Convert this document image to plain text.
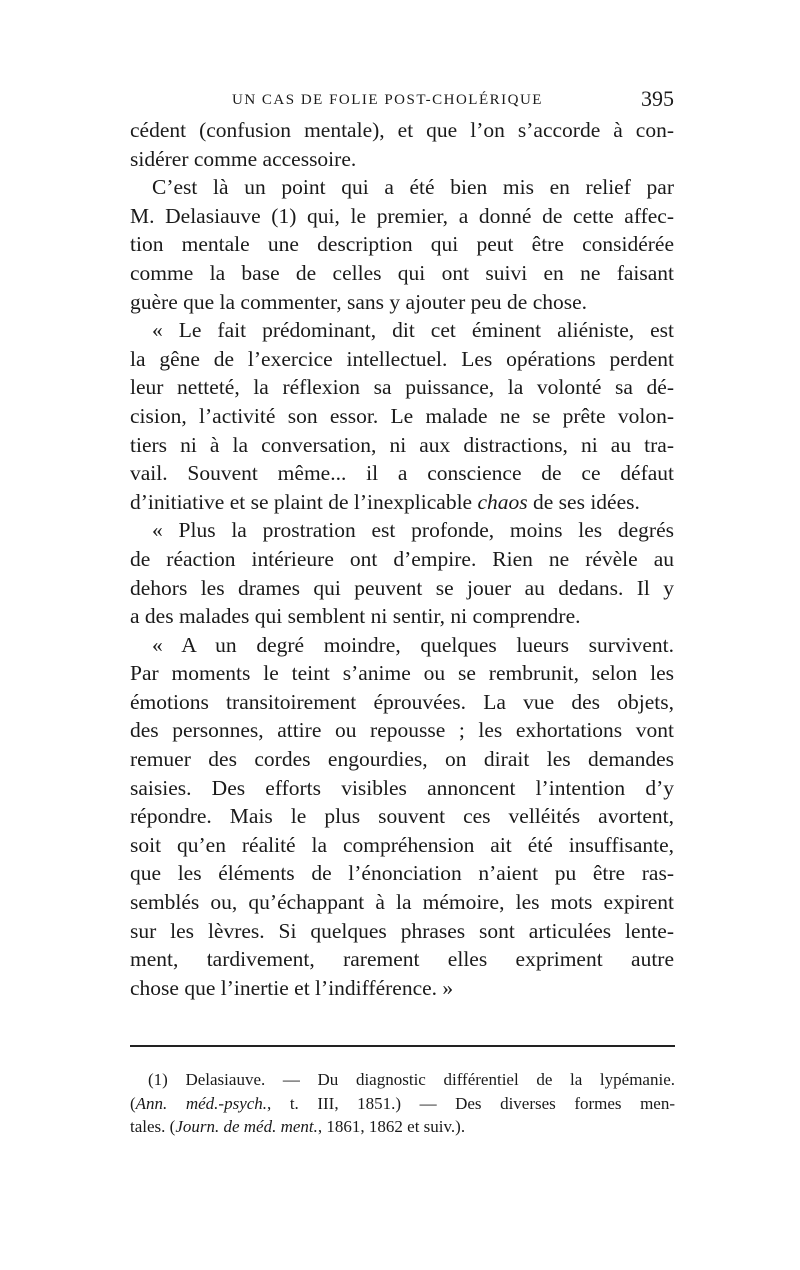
UN CAS DE FOLIE POST-CHOLÉRIQUE	395
cédent (confusion mentale), et que l’on s’accorde à con-
sidérer comme accessoire.
C’est là un point qui a été bien mis en relief par
M. Delasiauve (1) qui, le premier, a donné de cette affec-
tion mentale une description qui peut être considérée
comme la base de celles qui ont suivi en ne faisant
guère que la commenter, sans y ajouter peu de chose.
« Le fait prédominant, dit cet éminent aliéniste, est
la gêne de l’exercice intellectuel. Les opérations perdent
leur netteté, la réflexion sa puissance, la volonté sa dé-
cision, l’activité son essor. Le malade ne se prête volon-
tiers ni à la conversation, ni aux distractions, ni au tra-
vail. Souvent même... il a conscience de ce défaut
d’initiative et se plaint de l’inexplicable chaos de ses idées.
« Plus la prostration est profonde, moins les degrés
de réaction intérieure ont d’empire. Rien ne révèle au
dehors les drames qui peuvent se jouer au dedans. Il y
a des malades qui semblent ni sentir, ni comprendre.
« A un degré moindre, quelques lueurs survivent.
Par moments le teint s’anime ou se rembrunit, selon les
émotions transitoirement éprouvées. La vue des objets,
des personnes, attire ou repousse ; les exhortations vont
remuer des cordes engourdies, on dirait les demandes
saisies. Des efforts visibles annoncent l’intention d’y
répondre. Mais le plus souvent ces velléités avortent,
soit qu’en réalité la compréhension ait été insuffisante,
que les éléments de l’énonciation n’aient pu être ras-
semblés ou, qu’échappant à la mémoire, les mots expirent
sur les lèvres. Si quelques phrases sont articulées lente-
ment, tardivement, rarement elles expriment autre
chose que l’inertie et l’indifférence. »
(1) Delasiauve. — Du diagnostic différentiel de la lypémanie.
(Ann. méd.-psych., t. III, 1851.) — Des diverses formes men-
tales. (Journ. de méd. ment., 1861, 1862 et suiv.).
